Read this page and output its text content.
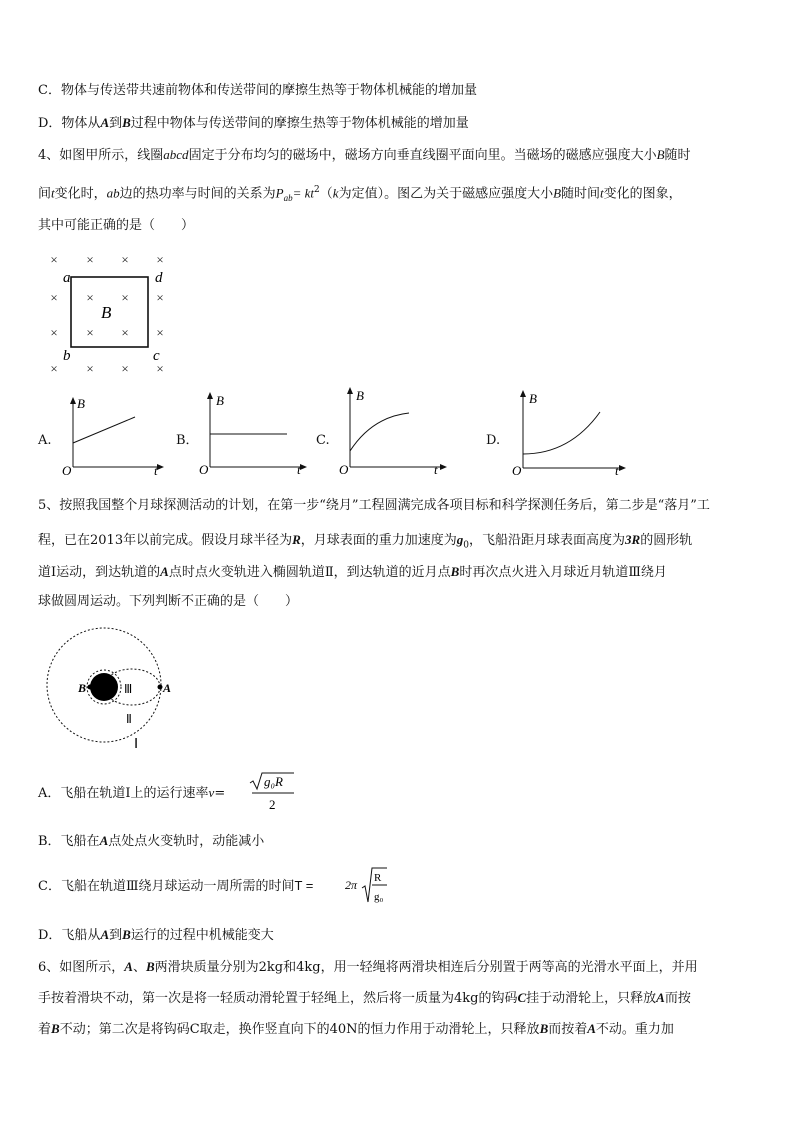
C．物体与传送带共速前物体和传送带间的摩擦生热等于物体机械能的增加量
D．物体从A到B过程中物体与传送带间的摩擦生热等于物体机械能的增加量
4、如图甲所示，线圈abcd固定于分布均匀的磁场中，磁场方向垂直线圈平面向里。当磁场的磁感应强度大小B随时
间t变化时，ab边的热功率与时间的关系为$P_{ab}= kt^2(k$为定值）。图乙为关于磁感应强度大小B随时间t变化的图象，
其中可能正确的是（　　）
× × × ×
× × × ×
× × × ×
× × × ×
a	d
b	c
B
A.
B
O	t
B．
B
O	t
C.
B
O	t
D.
B
O	t
5、按照我国整个月球探测活动的计划，在第一步“绕月”工程圆满完成各项目标和科学探测任务后，第二步是“落月”工
程，已在2013年以前完成。假设月球半径为R，月球表面的重力加速度为$g_0$，飞船沿距月球表面高度为3R的圆形轨
道Ⅰ运动，到达轨道的A点时点火变轨进入椭圆轨道Ⅱ，到达轨道的近月点B时再次点火进入月球近月轨道Ⅲ绕月
球做圆周运动。下列判断不正确的是（　　）
B	A
Ⅲ
Ⅱ
Ⅰ
A．飞船在轨道Ⅰ上的运行速率v=
g₀R
2
B．飞船在A点处点火变轨时，动能减小
C．飞船在轨道Ⅲ绕月球运动一周所需的时间T =	2π R
g₀
D．飞船从A到B运行的过程中机械能变大
6、如图所示，A、B两滑块质量分别为2kg和4kg，用一轻绳将两滑块相连后分别置于两等高的光滑水平面上，并用
手按着滑块不动，第一次是将一轻质动滑轮置于轻绳上，然后将一质量为4kg的钩码C挂于动滑轮上，只释放A而按
着B不动；第二次是将钩码C取走，换作竖直向下的40N的恒力作用于动滑轮上，只释放B而按着A不动。重力加
